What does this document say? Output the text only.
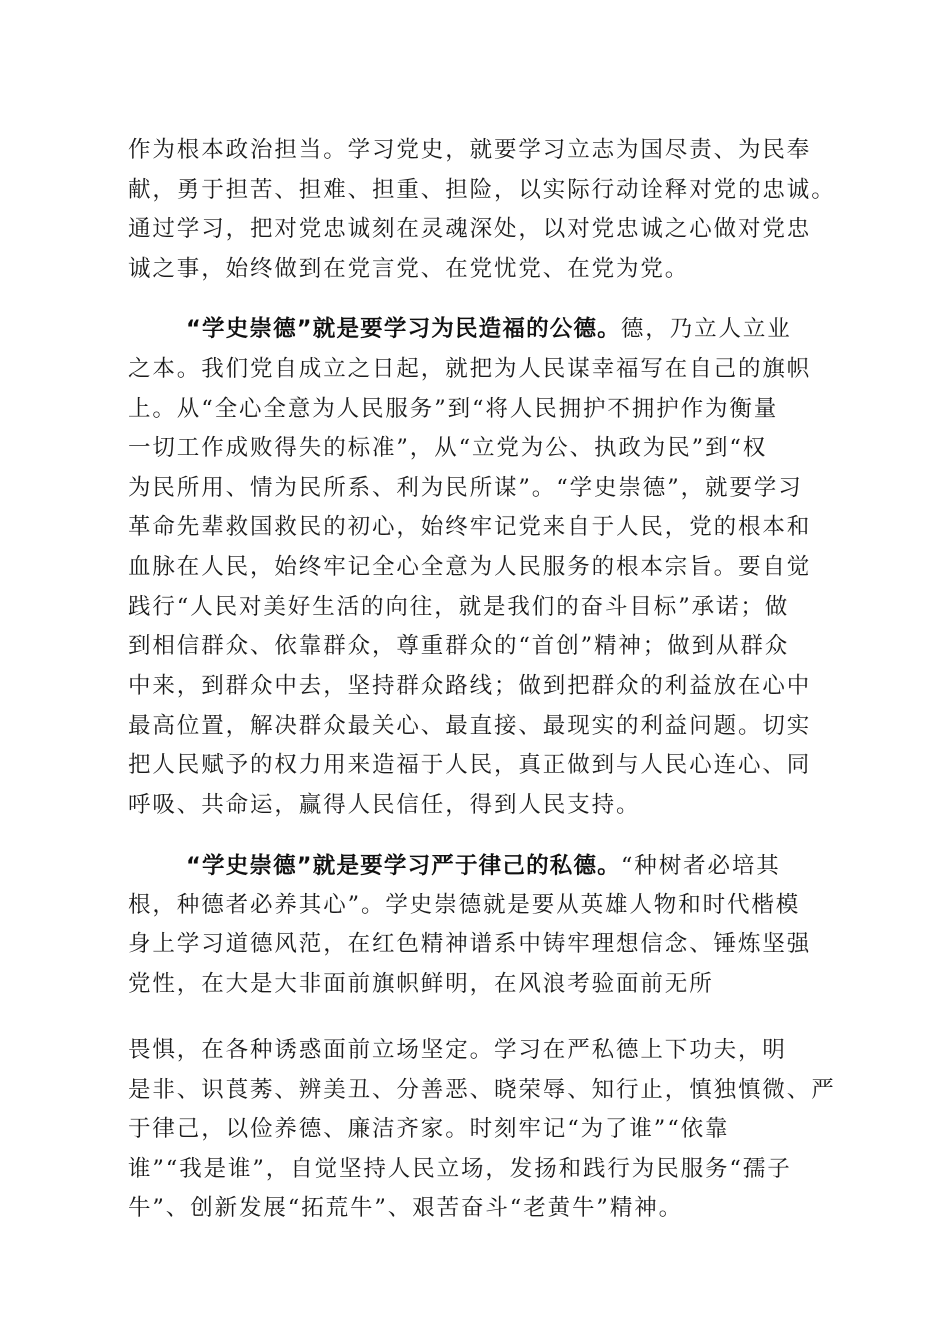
作为根本政治担当。学习党史，就要学习立志为国尽责、为民奉
献，勇于担苦、担难、担重、担险，以实际行动诠释对党的忠诚。
通过学习，把对党忠诚刻在灵魂深处，以对党忠诚之心做对党忠
诚之事，始终做到在党言党、在党忧党、在党为党。
“学史崇德”就是要学习为民造福的公德。德，乃立人立业
之本。我们党自成立之日起，就把为人民谋幸福写在自己的旗帜
上。从“全心全意为人民服务”到“将人民拥护不拥护作为衡量
一切工作成败得失的标准”，从“立党为公、执政为民”到“权
为民所用、情为民所系、利为民所谋”。“学史崇德”，就要学习
革命先辈救国救民的初心，始终牢记党来自于人民，党的根本和
血脉在人民，始终牢记全心全意为人民服务的根本宗旨。要自觉
践行“人民对美好生活的向往，就是我们的奋斗目标”承诺；做
到相信群众、依靠群众，尊重群众的“首创”精神；做到从群众
中来，到群众中去，坚持群众路线；做到把群众的利益放在心中
最高位置，解决群众最关心、最直接、最现实的利益问题。切实
把人民赋予的权力用来造福于人民，真正做到与人民心连心、同
呼吸、共命运，赢得人民信任，得到人民支持。
“学史崇德”就是要学习严于律己的私德。“种树者必培其
根，种德者必养其心”。学史崇德就是要从英雄人物和时代楷模
身上学习道德风范，在红色精神谱系中铸牢理想信念、锤炼坚强
党性，在大是大非面前旗帜鲜明，在风浪考验面前无所
畏惧，在各种诱惑面前立场坚定。学习在严私德上下功夫，明
是非、识莨莠、辨美丑、分善恶、晓荣辱、知行止，慎独慎微、严
于律己，以俭养德、廉洁齐家。时刻牢记“为了谁”“依靠
谁”“我是谁”，自觉坚持人民立场，发扬和践行为民服务“孺子
牛”、创新发展“拓荒牛”、艰苦奋斗“老黄牛”精神。
